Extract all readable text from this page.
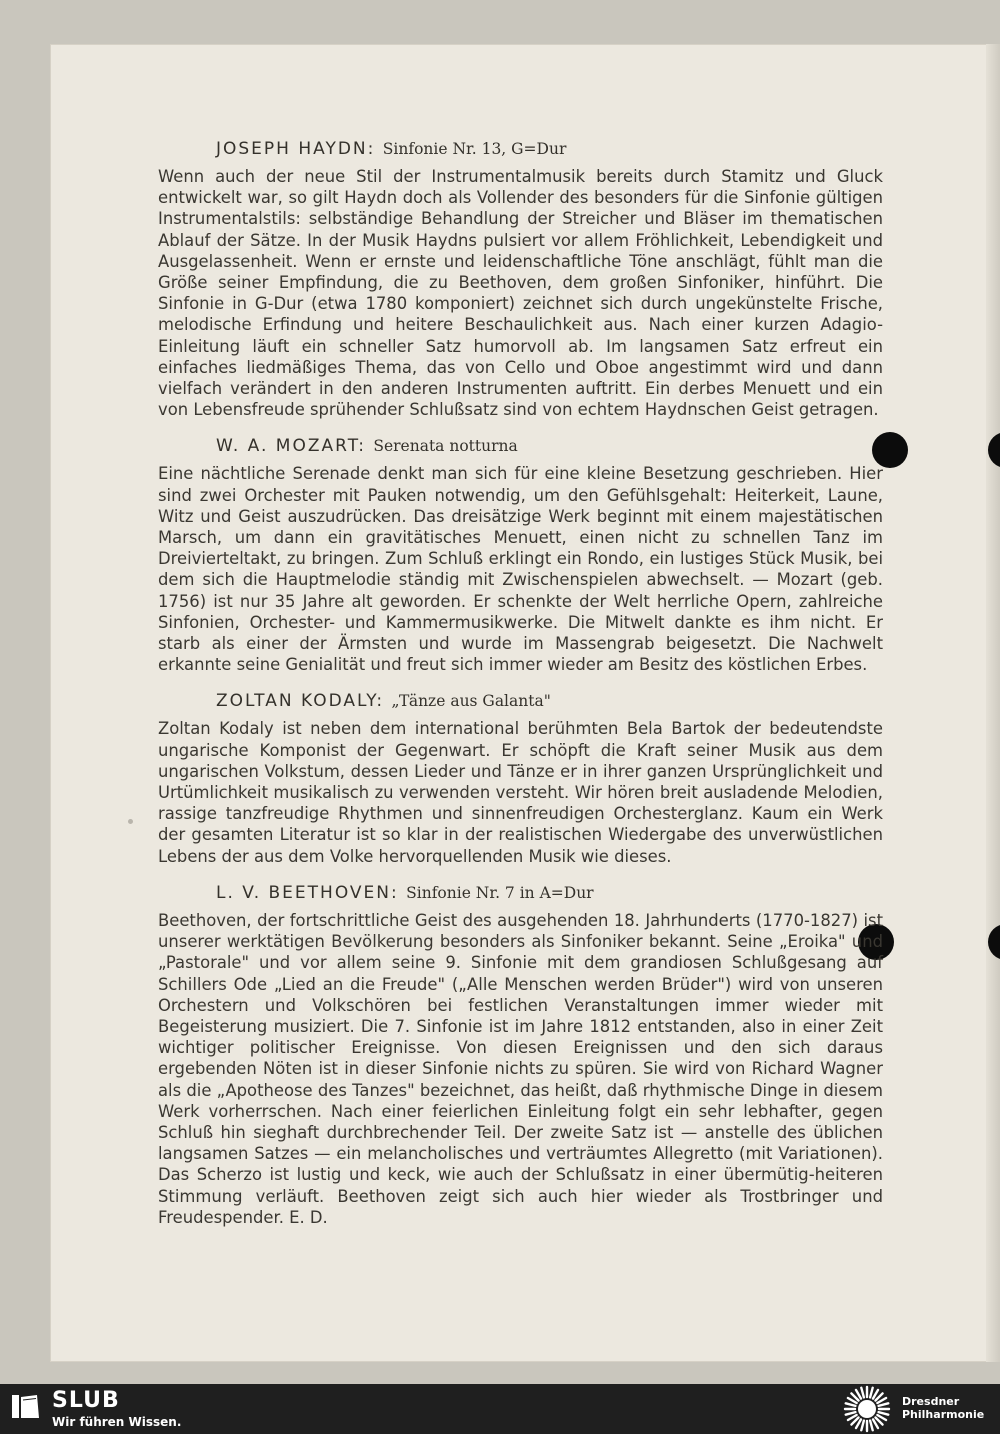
JOSEPH HAYDN: Sinfonie Nr. 13, G=Dur

Wenn auch der neue Stil der Instrumentalmusik bereits durch Stamitz und Gluck entwickelt war, so gilt Haydn doch als Vollender des besonders für die Sinfonie gültigen Instrumentalstils: selbständige Behandlung der Streicher und Bläser im thematischen Ablauf der Sätze. In der Musik Haydns pulsiert vor allem Fröhlichkeit, Lebendigkeit und Ausgelassenheit. Wenn er ernste und leidenschaftliche Töne anschlägt, fühlt man die Größe seiner Empfindung, die zu Beethoven, dem großen Sinfoniker, hinführt. Die Sinfonie in G-Dur (etwa 1780 komponiert) zeichnet sich durch ungekünstelte Frische, melodische Erfindung und heitere Beschaulichkeit aus. Nach einer kurzen Adagio-Einleitung läuft ein schneller Satz humorvoll ab. Im langsamen Satz erfreut ein einfaches liedmäßiges Thema, das von Cello und Oboe angestimmt wird und dann vielfach verändert in den anderen Instrumenten auftritt. Ein derbes Menuett und ein von Lebensfreude sprühender Schlußsatz sind von echtem Haydnschen Geist getragen.

W. A. MOZART: Serenata notturna

Eine nächtliche Serenade denkt man sich für eine kleine Besetzung geschrieben. Hier sind zwei Orchester mit Pauken notwendig, um den Gefühlsgehalt: Heiterkeit, Laune, Witz und Geist auszudrücken. Das dreisätzige Werk beginnt mit einem majestätischen Marsch, um dann ein gravitätisches Menuett, einen nicht zu schnellen Tanz im Dreivierteltakt, zu bringen. Zum Schluß erklingt ein Rondo, ein lustiges Stück Musik, bei dem sich die Hauptmelodie ständig mit Zwischenspielen abwechselt. — Mozart (geb. 1756) ist nur 35 Jahre alt geworden. Er schenkte der Welt herrliche Opern, zahlreiche Sinfonien, Orchester- und Kammermusikwerke. Die Mitwelt dankte es ihm nicht. Er starb als einer der Ärmsten und wurde im Massengrab beigesetzt. Die Nachwelt erkannte seine Genialität und freut sich immer wieder am Besitz des köstlichen Erbes.

ZOLTAN KODALY: „Tänze aus Galanta"

Zoltan Kodaly ist neben dem international berühmten Bela Bartok der bedeutendste ungarische Komponist der Gegenwart. Er schöpft die Kraft seiner Musik aus dem ungarischen Volkstum, dessen Lieder und Tänze er in ihrer ganzen Ursprünglichkeit und Urtümlichkeit musikalisch zu verwenden versteht. Wir hören breit ausladende Melodien, rassige tanzfreudige Rhythmen und sinnenfreudigen Orchesterglanz. Kaum ein Werk der gesamten Literatur ist so klar in der realistischen Wiedergabe des unverwüstlichen Lebens der aus dem Volke hervorquellenden Musik wie dieses.

L. V. BEETHOVEN: Sinfonie Nr. 7 in A=Dur

Beethoven, der fortschrittliche Geist des ausgehenden 18. Jahrhunderts (1770-1827) ist unserer werktätigen Bevölkerung besonders als Sinfoniker bekannt. Seine „Eroika" und „Pastorale" und vor allem seine 9. Sinfonie mit dem grandiosen Schlußgesang auf Schillers Ode „Lied an die Freude" („Alle Menschen werden Brüder") wird von unseren Orchestern und Volkschören bei festlichen Veranstaltungen immer wieder mit Begeisterung musiziert. Die 7. Sinfonie ist im Jahre 1812 entstanden, also in einer Zeit wichtiger politischer Ereignisse. Von diesen Ereignissen und den sich daraus ergebenden Nöten ist in dieser Sinfonie nichts zu spüren. Sie wird von Richard Wagner als die „Apotheose des Tanzes" bezeichnet, das heißt, daß rhythmische Dinge in diesem Werk vorherrschen. Nach einer feierlichen Einleitung folgt ein sehr lebhafter, gegen Schluß hin sieghaft durchbrechender Teil. Der zweite Satz ist — anstelle des üblichen langsamen Satzes — ein melancholisches und verträumtes Allegretto (mit Variationen). Das Scherzo ist lustig und keck, wie auch der Schlußsatz in einer übermütig-heiteren Stimmung verläuft. Beethoven zeigt sich auch hier wieder als Trostbringer und Freudespender. E. D.

SLUB
Wir führen Wissen.
Dresdner
Philharmonie
